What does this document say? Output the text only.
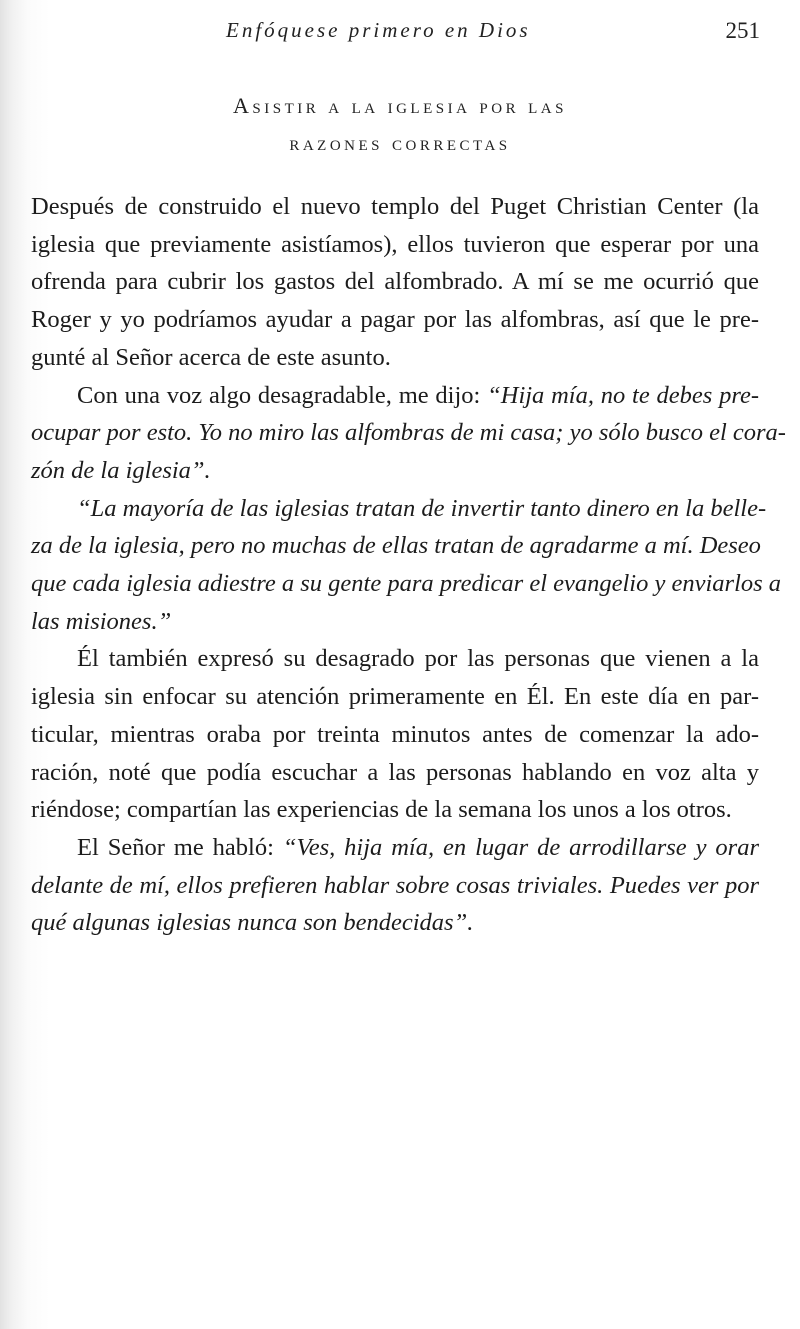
Enfóquese primero en Dios	251
Asistir a la iglesia por las
razones correctas

Después de construido el nuevo templo del Puget Christian Center (la
iglesia que previamente asistíamos), ellos tuvieron que esperar por una
ofrenda para cubrir los gastos del alfombrado. A mí se me ocurrió que
Roger y yo podríamos ayudar a pagar por las alfombras, así que le pre-
gunté al Señor acerca de este asunto.

Con una voz algo desagradable, me dijo: “Hija mía, no te debes pre-
ocupar por esto. Yo no miro las alfombras de mi casa; yo sólo busco el cora-
zón de la iglesia”.

“La mayoría de las iglesias tratan de invertir tanto dinero en la belle-
za de la iglesia, pero no muchas de ellas tratan de agradarme a mí. Deseo
que cada iglesia adiestre a su gente para predicar el evangelio y enviarlos a
las misiones.”

Él también expresó su desagrado por las personas que vienen a la
iglesia sin enfocar su atención primeramente en Él. En este día en par-
ticular, mientras oraba por treinta minutos antes de comenzar la ado-
ración, noté que podía escuchar a las personas hablando en voz alta y
riéndose; compartían las experiencias de la semana los unos a los otros.

El Señor me habló: “Ves, hija mía, en lugar de arrodillarse y orar
delante de mí, ellos prefieren hablar sobre cosas triviales. Puedes ver por
qué algunas iglesias nunca son bendecidas”.
